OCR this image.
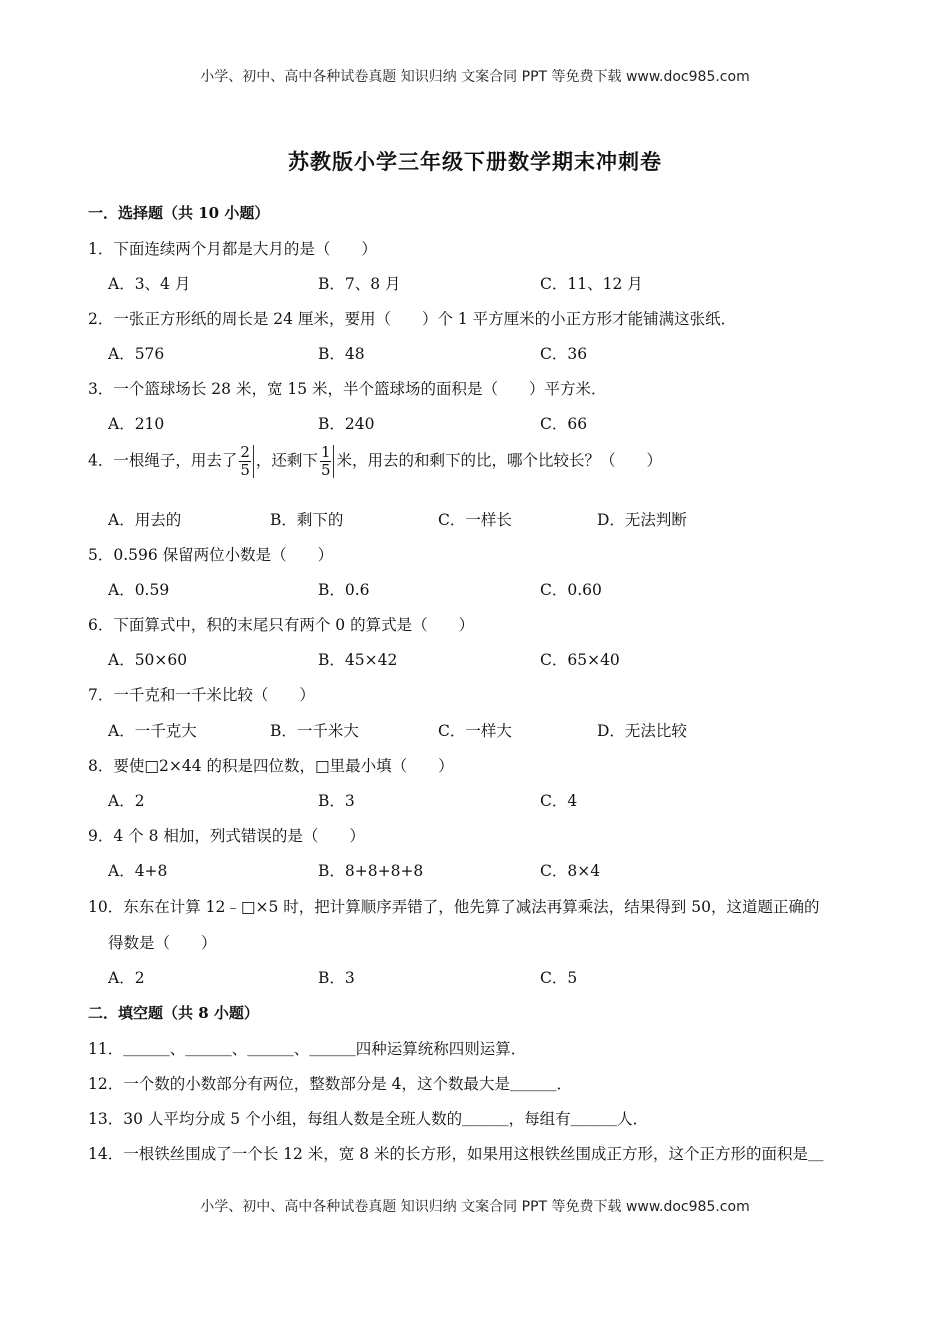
小学、初中、高中各种试卷真题 知识归纳 文案合同 PPT 等免费下载 www.doc985.com
苏教版小学三年级下册数学期末冲刺卷
一．选择题（共 10 小题）
1．下面连续两个月都是大月的是（　　）
A．3、4 月	B．7、8 月	C．11、12 月
2．一张正方形纸的周长是 24 厘米，要用（　　）个 1 平方厘米的小正方形才能铺满这张纸．
A．576	B．48	C．36
3．一个篮球场长 28 米，宽 15 米，半个篮球场的面积是（　　）平方米．
A．210	B．240	C．66
4．一根绳子，用去了 $\frac{2}{5}$ ，还剩下 $\frac{1}{5}$ 米，用去的和剩下的比，哪个比较长？（　　）
A．用去的	B．剩下的	C．一样长	D．无法判断
5．0.596 保留两位小数是（　　）
A．0.59	B．0.6	C．0.60
6．下面算式中，积的末尾只有两个 0 的算式是（　　）
A．50×60	B．45×42	C．65×40
7．一千克和一千米比较（　　）
A．一千克大	B．一千米大	C．一样大	D．无法比较
8．要使□2×44 的积是四位数，□里最小填（　　）
A．2	B．3	C．4
9．4 个 8 相加，列式错误的是（　　）
A．4+8	B．8+8+8+8	C．8×4
10．东东在计算 12﹣□×5 时，把计算顺序弄错了，他先算了减法再算乘法，结果得到 50，这道题正确的
得数是（　　）
A．2	B．3	C．5
二．填空题（共 8 小题）
11．＿＿＿、＿＿＿、＿＿＿、＿＿＿四种运算统称四则运算．
12．一个数的小数部分有两位，整数部分是 4，这个数最大是＿＿＿．
13．30 人平均分成 5 个小组，每组人数是全班人数的＿＿＿，每组有＿＿＿人．
14．一根铁丝围成了一个长 12 米，宽 8 米的长方形，如果用这根铁丝围成正方形，这个正方形的面积是＿
小学、初中、高中各种试卷真题 知识归纳 文案合同 PPT 等免费下载 www.doc985.com
